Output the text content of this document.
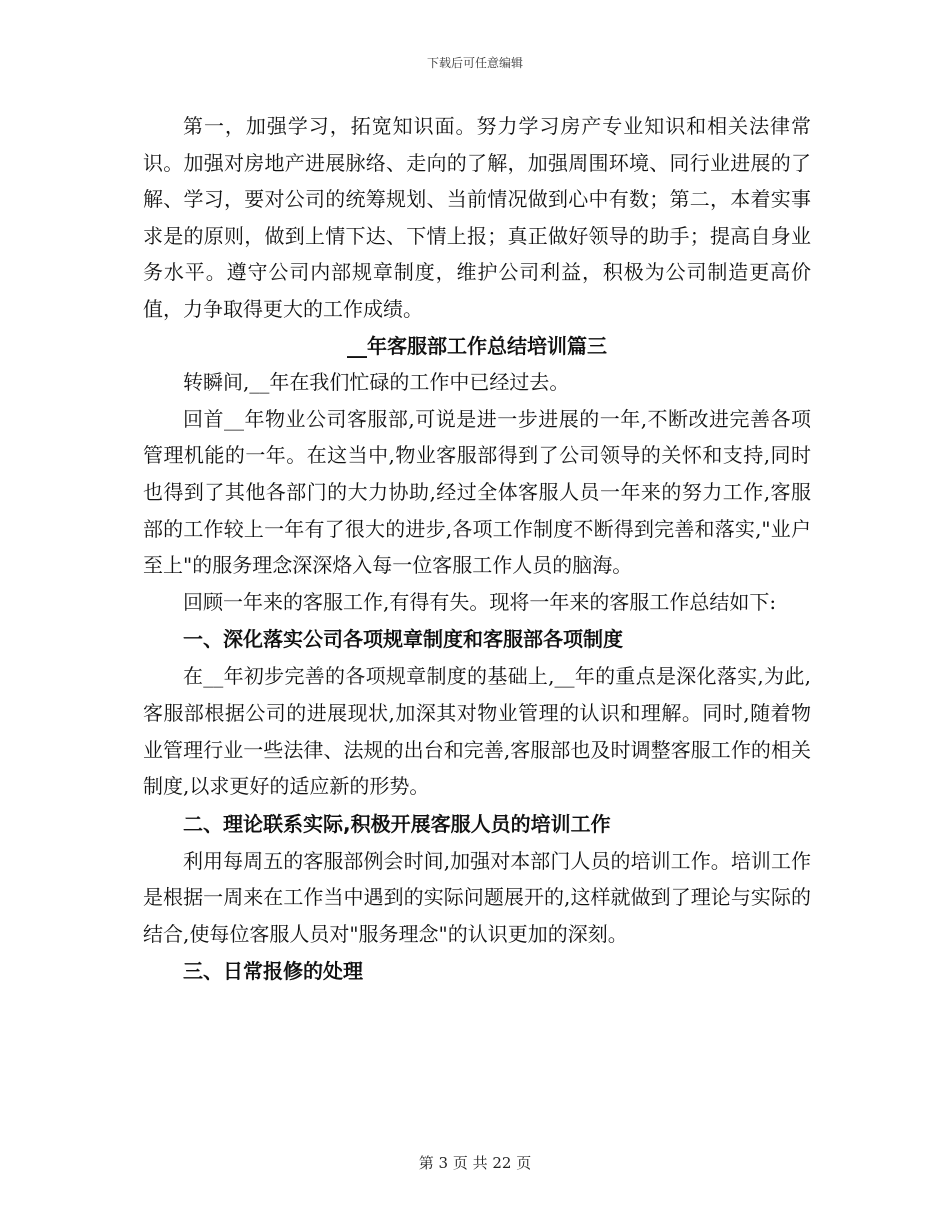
下载后可任意编辑

第一，加强学习，拓宽知识面。努力学习房产专业知识和相关法律常识。加强对房地产进展脉络、走向的了解，加强周围环境、同行业进展的了解、学习，要对公司的统筹规划、当前情况做到心中有数；第二，本着实事求是的原则，做到上情下达、下情上报；真正做好领导的助手；提高自身业务水平。遵守公司内部规章制度，维护公司利益，积极为公司制造更高价值，力争取得更大的工作成绩。

__年客服部工作总结培训篇三

转瞬间,__年在我们忙碌的工作中已经过去。

回首__年物业公司客服部,可说是进一步进展的一年,不断改进完善各项管理机能的一年。在这当中,物业客服部得到了公司领导的关怀和支持,同时也得到了其他各部门的大力协助,经过全体客服人员一年来的努力工作,客服部的工作较上一年有了很大的进步,各项工作制度不断得到完善和落实,"业户至上"的服务理念深深烙入每一位客服工作人员的脑海。

回顾一年来的客服工作,有得有失。现将一年来的客服工作总结如下:

一、深化落实公司各项规章制度和客服部各项制度

在__年初步完善的各项规章制度的基础上,__年的重点是深化落实,为此,客服部根据公司的进展现状,加深其对物业管理的认识和理解。同时,随着物业管理行业一些法律、法规的出台和完善,客服部也及时调整客服工作的相关制度,以求更好的适应新的形势。

二、理论联系实际,积极开展客服人员的培训工作

利用每周五的客服部例会时间,加强对本部门人员的培训工作。培训工作是根据一周来在工作当中遇到的实际问题展开的,这样就做到了理论与实际的结合,使每位客服人员对"服务理念"的认识更加的深刻。

三、日常报修的处理

第 3 页 共 22 页
